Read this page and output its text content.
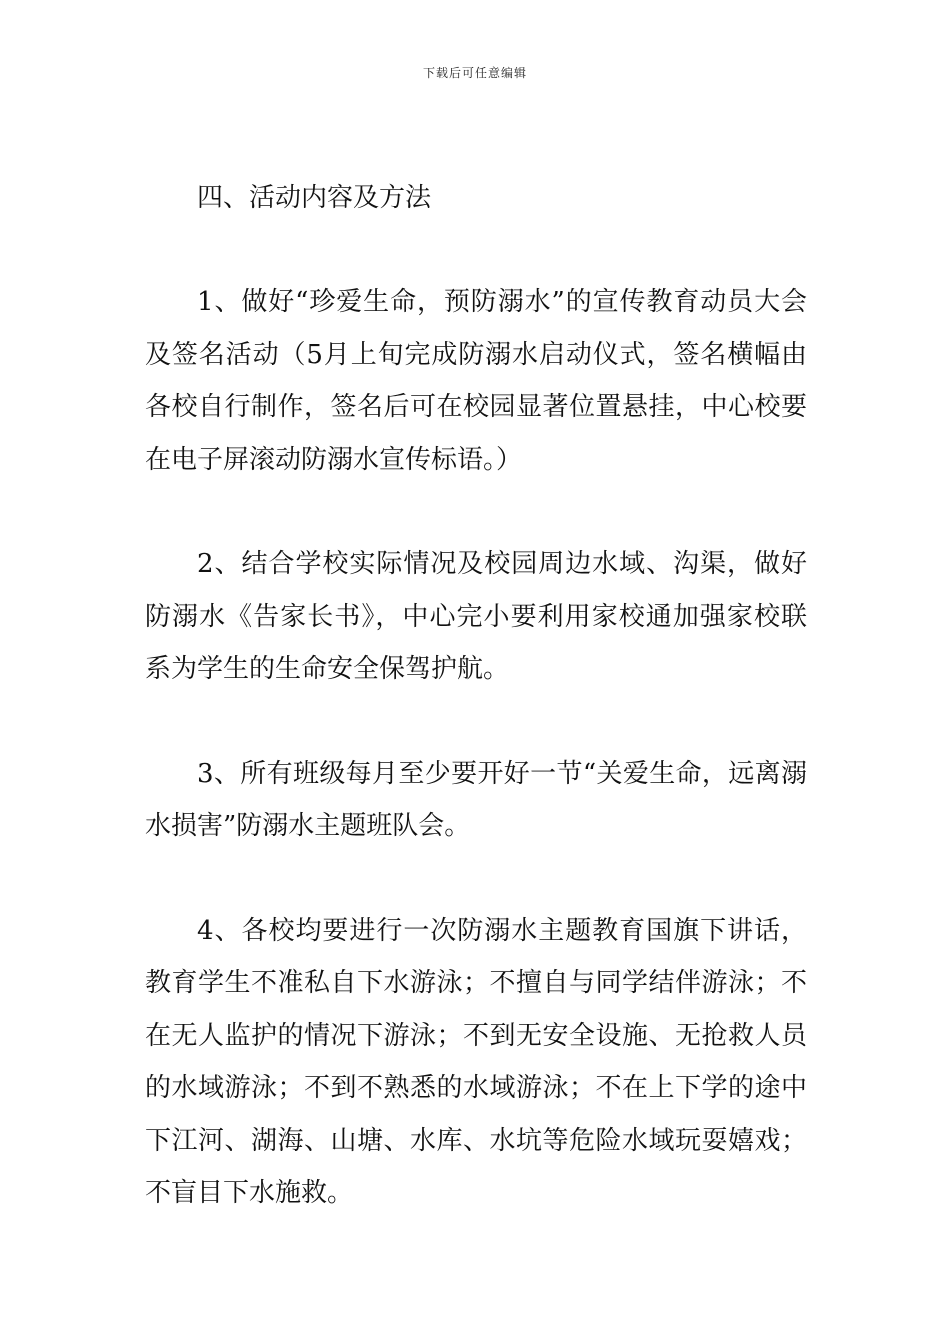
下载后可任意编辑
四、活动内容及方法

1、做好“珍爱生命，预防溺水”的宣传教育动员大会及签名活动（5月上旬完成防溺水启动仪式，签名横幅由各校自行制作，签名后可在校园显著位置悬挂，中心校要在电子屏滚动防溺水宣传标语。）

2、结合学校实际情况及校园周边水域、沟渠，做好防溺水《告家长书》，中心完小要利用家校通加强家校联系为学生的生命安全保驾护航。

3、所有班级每月至少要开好一节“关爱生命，远离溺水损害”防溺水主题班队会。

4、各校均要进行一次防溺水主题教育国旗下讲话，教育学生不准私自下水游泳；不擅自与同学结伴游泳；不在无人监护的情况下游泳；不到无安全设施、无抢救人员的水域游泳；不到不熟悉的水域游泳；不在上下学的途中下江河、湖海、山塘、水库、水坑等危险水域玩耍嬉戏；不盲目下水施救。
